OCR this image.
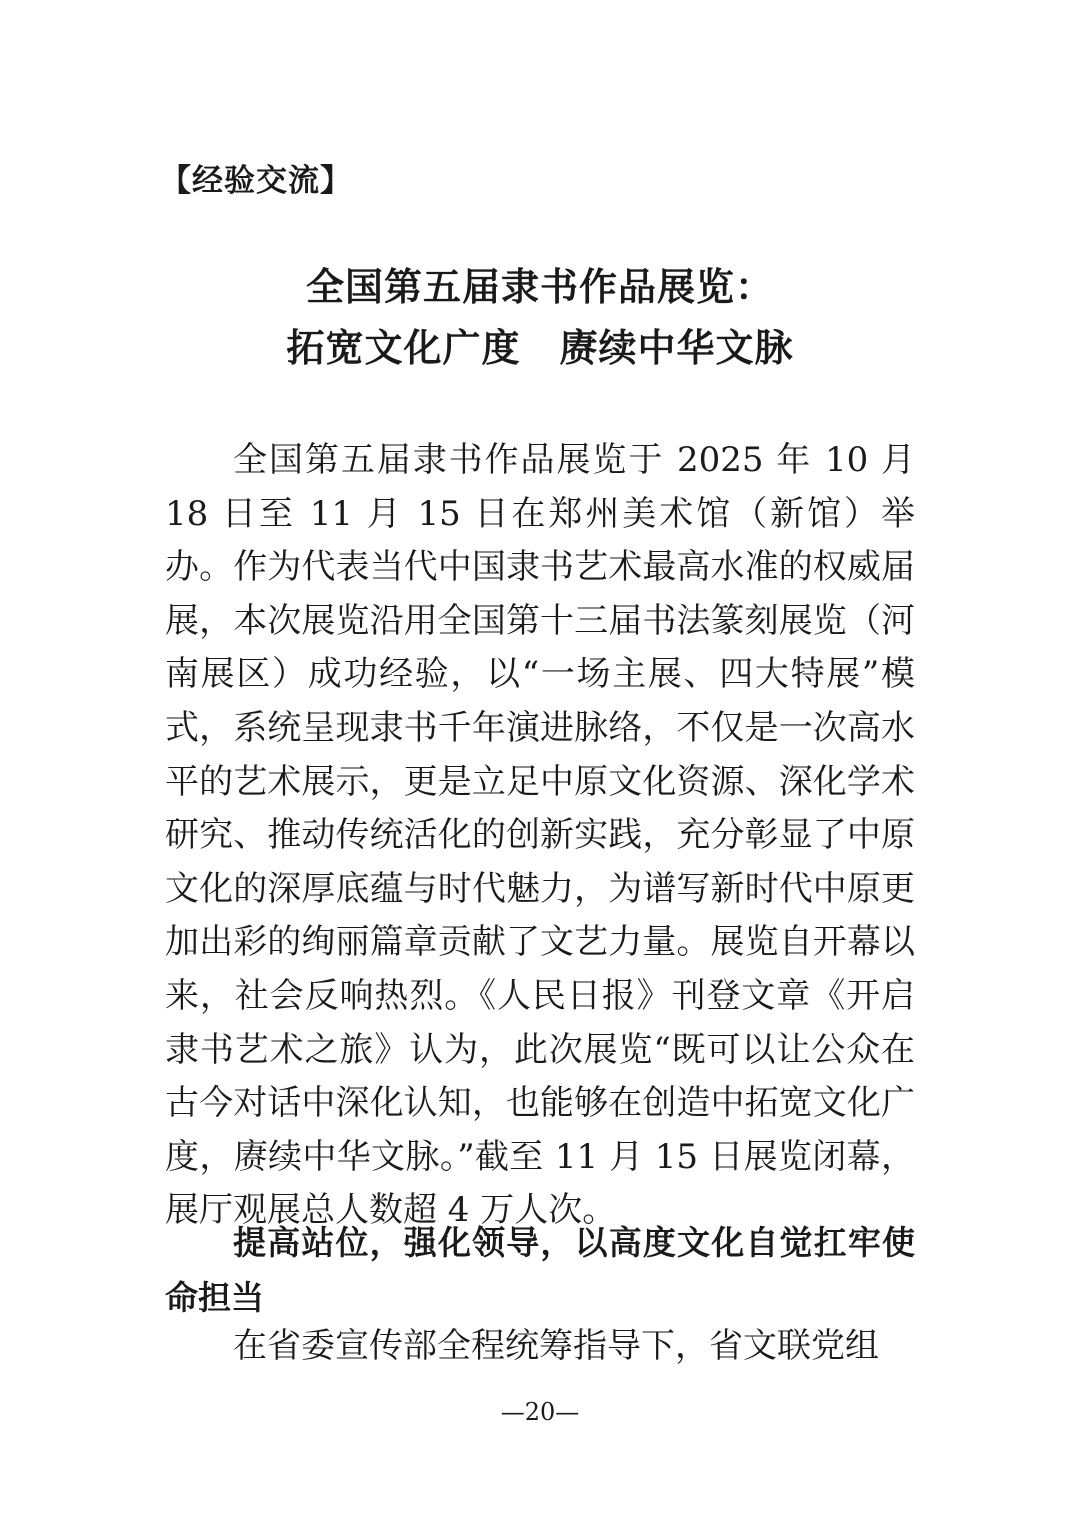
【经验交流】
全国第五届隶书作品展览：
拓宽文化广度　赓续中华文脉

全国第五届隶书作品展览于 2025 年 10 月 18 日至 11 月 15 日在郑州美术馆（新馆）举办。作为代表当代中国隶书艺术最高水准的权威届展，本次展览沿用全国第十三届书法篆刻展览（河南展区）成功经验，以“一场主展、四大特展”模式，系统呈现隶书千年演进脉络，不仅是一次高水平的艺术展示，更是立足中原文化资源、深化学术研究、推动传统活化的创新实践，充分彰显了中原文化的深厚底蕴与时代魅力，为谱写新时代中原更加出彩的绚丽篇章贡献了文艺力量。展览自开幕以来，社会反响热烈。《人民日报》刊登文章《开启隶书艺术之旅》认为，此次展览“既可以让公众在古今对话中深化认知，也能够在创造中拓宽文化广度，赓续中华文脉。”截至 11 月 15 日展览闭幕，展厅观展总人数超 4 万人次。

提高站位，强化领导，以高度文化自觉扛牢使命担当

在省委宣传部全程统筹指导下，省文联党组

—20—
